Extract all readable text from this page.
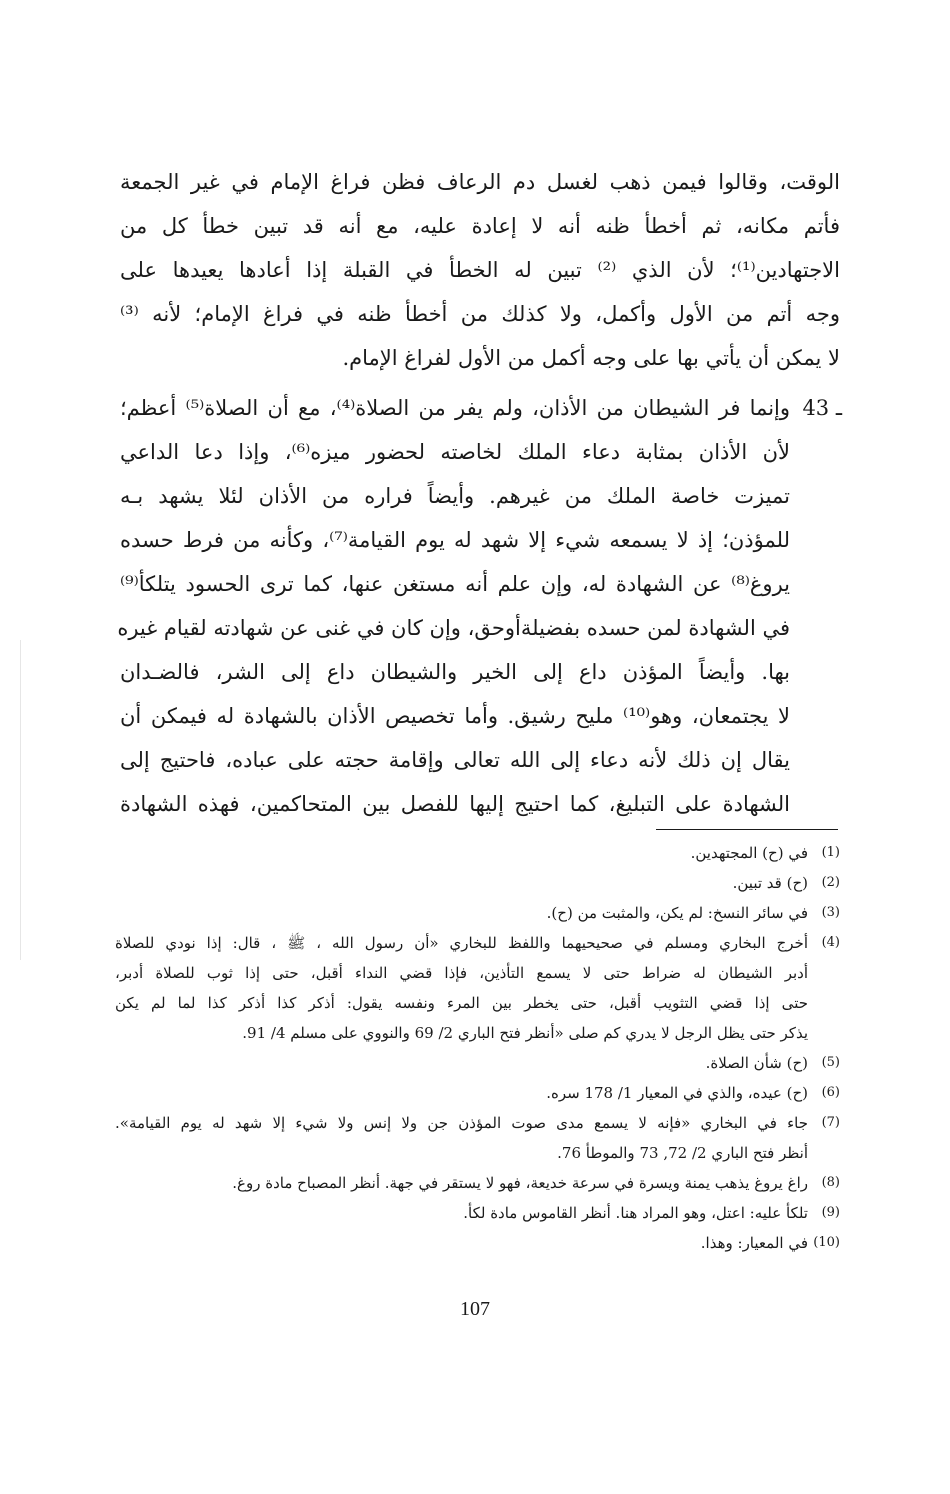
الوقت، وقالوا فيمن ذهب لغسل دم الرعاف فظن فراغ الإمام في غير الجمعة
فأتم مكانه، ثم أخطأ ظنه أنه لا إعادة عليه، مع أنه قد تبين خطأ كل من
الاجتهادين⁽¹⁾؛ لأن الذي ⁽²⁾ تبين له الخطأ في القبلة إذا أعادها يعيدها على
وجه أتم من الأول وأكمل، ولا كذلك من أخطأ ظنه في فراغ الإمام؛ لأنه ⁽³⁾
لا يمكن أن يأتي بها على وجه أكمل من الأول لفراغ الإمام.
43 ـ
وإنما فر الشيطان من الأذان، ولم يفر من الصلاة⁽⁴⁾، مع أن الصلاة⁽⁵⁾ أعظم؛
لأن الأذان بمثابة دعاء الملك لخاصته لحضور ميزه⁽⁶⁾، وإذا دعا الداعي
تميزت خاصة الملك من غيرهم. وأيضاً فراره من الأذان لئلا يشهد بـه
للمؤذن؛ إذ لا يسمعه شيء إلا شهد له يوم القيامة⁽⁷⁾، وكأنه من فرط حسده
يروغ⁽⁸⁾ عن الشهادة له، وإن علم أنه مستغن عنها، كما ترى الحسود يتلكأ⁽⁹⁾
في الشهادة لمن حسده بفضيلةأوحق، وإن كان في غنى عن شهادته لقيام غيره
بها. وأيضاً المؤذن داع إلى الخير والشيطان داع إلى الشر، فالضـدان
لا يجتمعان، وهو⁽¹⁰⁾ مليح رشيق. وأما تخصيص الأذان بالشهادة له فيمكن أن
يقال إن ذلك لأنه دعاء إلى الله تعالى وإقامة حجته على عباده، فاحتيج إلى
الشهادة على التبليغ، كما احتيج إليها للفصل بين المتحاكمين، فهذه الشهادة
(1)
في (ح) المجتهدين.
(2)
(ح) قد تبين.
(3)
في سائر النسخ: لم يكن، والمثبت من (ح).
(4)
أخرج البخاري ومسلم في صحيحيهما واللفظ للبخاري «أن رسول الله ، ﷺ ، قال: إذا نودي للصلاة
أدبر الشيطان له ضراط حتى لا يسمع التأذين، فإذا قضي النداء أقبل، حتى إذا ثوب للصلاة أدبر،
حتى إذا قضي التثويب أقبل، حتى يخطر بين المرء ونفسه يقول: أذكر كذا أذكر كذا لما لم يكن
يذكر حتى يظل الرجل لا يدري كم صلى «أنظر فتح الباري 2/ 69 والنووي على مسلم 4/ 91.
(5)
(ح) شأن الصلاة.
(6)
(ح) عيده، والذي في المعيار 1/ 178 سره.
(7)
جاء في البخاري «فإنه لا يسمع مدى صوت المؤذن جن ولا إنس ولا شيء إلا شهد له يوم القيامة».
أنظر فتح الباري 2/ 72, 73 والموطأ 76.
(8)
راغ يروغ يذهب يمنة ويسرة في سرعة خديعة، فهو لا يستقر في جهة. أنظر المصباح مادة روغ.
(9)
تلكأ عليه: اعتل، وهو المراد هنا. أنظر القاموس مادة لكأ.
(10)
في المعيار: وهذا.
107
